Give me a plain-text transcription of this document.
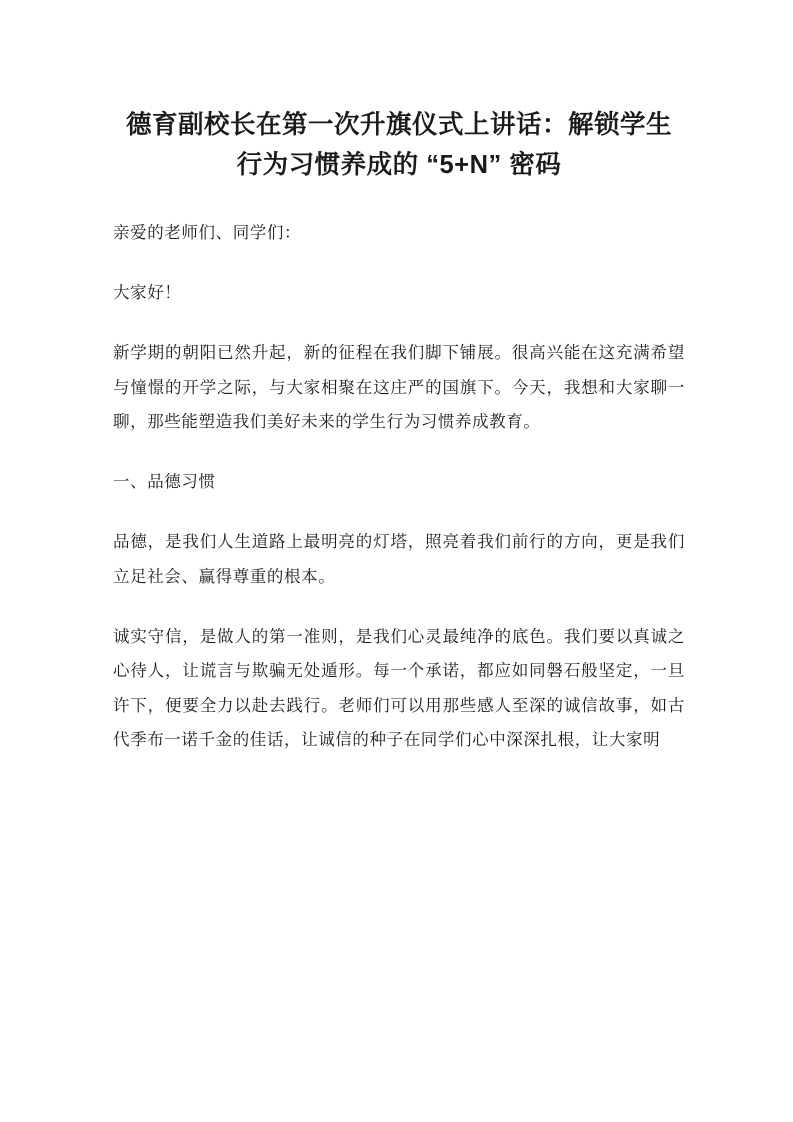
德育副校长在第一次升旗仪式上讲话：解锁学生行为习惯养成的 “5+N” 密码

亲爱的老师们、同学们：

大家好！

新学期的朝阳已然升起，新的征程在我们脚下铺展。很高兴能在这充满希望与憧憬的开学之际，与大家相聚在这庄严的国旗下。今天，我想和大家聊一聊，那些能塑造我们美好未来的学生行为习惯养成教育。

一、品德习惯

品德，是我们人生道路上最明亮的灯塔，照亮着我们前行的方向，更是我们立足社会、赢得尊重的根本。

诚实守信，是做人的第一准则，是我们心灵最纯净的底色。我们要以真诚之心待人，让谎言与欺骗无处遁形。每一个承诺，都应如同磐石般坚定，一旦许下，便要全力以赴去践行。老师们可以用那些感人至深的诚信故事，如古代季布一诺千金的佳话，让诚信的种子在同学们心中深深扎根，让大家明
